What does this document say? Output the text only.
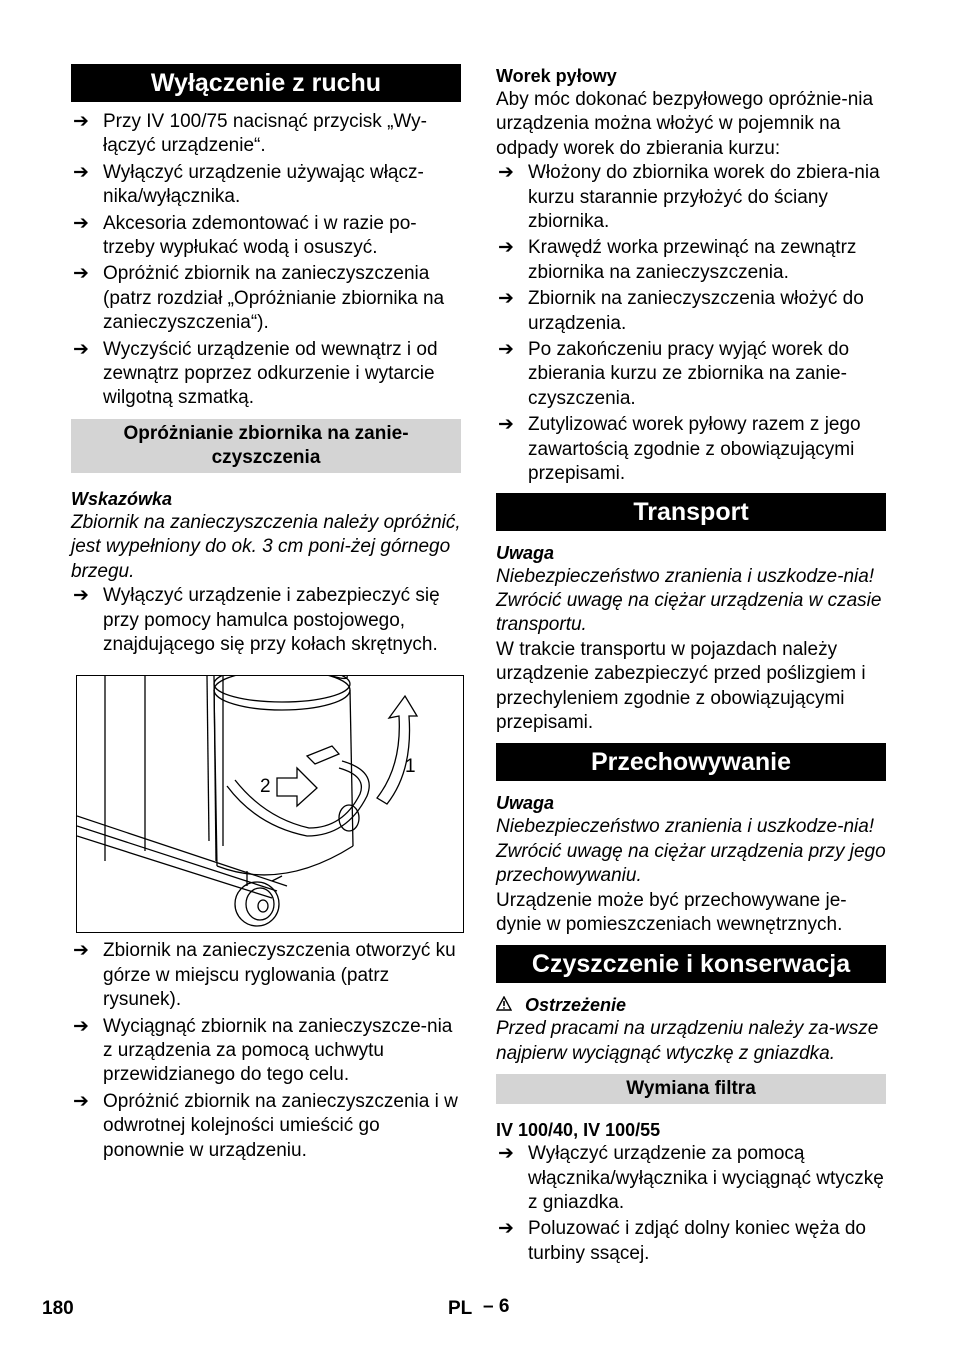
Wyłączenie z ruchu
➔ Przy IV 100/75 nacisnąć przycisk „Wy-łączyć urządzenie“.
➔ Wyłączyć urządzenie używając włącz-nika/wyłącznika.
➔ Akcesoria zdemontować i w razie po-trzeby wypłukać wodą i osuszyć.
➔ Opróżnić zbiornik na zanieczyszczenia (patrz rozdział „Opróżnianie zbiornika na zanieczyszczenia“).
➔ Wyczyścić urządzenie od wewnątrz i od zewnątrz poprzez odkurzenie i wytarcie wilgotną szmatką.
Opróżnianie zbiornika na zanie-czyszczenia
Wskazówka

Zbiornik na zanieczyszczenia należy opróżnić, jest wypełniony do ok. 3 cm poni-żej górnego brzegu.

➔ Wyłączyć urządzenie i zabezpieczyć się przy pomocy hamulca postojowego, znajdującego się przy kołach skrętnych.
1
2
➔ Zbiornik na zanieczyszczenia otworzyć ku górze w miejscu ryglowania (patrz rysunek).
➔ Wyciągnąć zbiornik na zanieczyszcze-nia z urządzenia za pomocą uchwytu przewidzianego do tego celu.
➔ Opróżnić zbiornik na zanieczyszczenia i w odwrotnej kolejności umieścić go ponownie w urządzeniu.
Worek pyłowy

Aby móc dokonać bezpyłowego opróżnie-nia urządzenia można włożyć w pojemnik na odpady worek do zbierania kurzu:

➔ Włożony do zbiornika worek do zbiera-nia kurzu starannie przyłożyć do ściany zbiornika.
➔ Krawędź worka przewinąć na zewnątrz zbiornika na zanieczyszczenia.
➔ Zbiornik na zanieczyszczenia włożyć do urządzenia.
➔ Po zakończeniu pracy wyjąć worek do zbierania kurzu ze zbiornika na zanie-czyszczenia.
➔ Zutylizować worek pyłowy razem z jego zawartością zgodnie z obowiązującymi przepisami.
Transport
Uwaga

Niebezpieczeństwo zranienia i uszkodze-nia! Zwrócić uwagę na ciężar urządzenia w czasie transportu.

W trakcie transportu w pojazdach należy urządzenie zabezpieczyć przed poślizgiem i przechyleniem zgodnie z obowiązującymi przepisami.

Przechowywanie
Uwaga

Niebezpieczeństwo zranienia i uszkodze-nia! Zwrócić uwagę na ciężar urządzenia przy jego przechowywaniu.

Urządzenie może być przechowywane je-dynie w pomieszczeniach wewnętrznych.

Czyszczenie i konserwacja
Ostrzeżenie

Przed pracami na urządzeniu należy za-wsze najpierw wyciągnąć wtyczkę z gniazdka.

Wymiana filtra
IV 100/40, IV 100/55
➔ Wyłączyć urządzenie za pomocą włącznika/wyłącznika i wyciągnąć wtyczkę z gniazdka.
➔ Poluzować i zdjąć dolny koniec węża do turbiny ssącej.
180	PL – 6
